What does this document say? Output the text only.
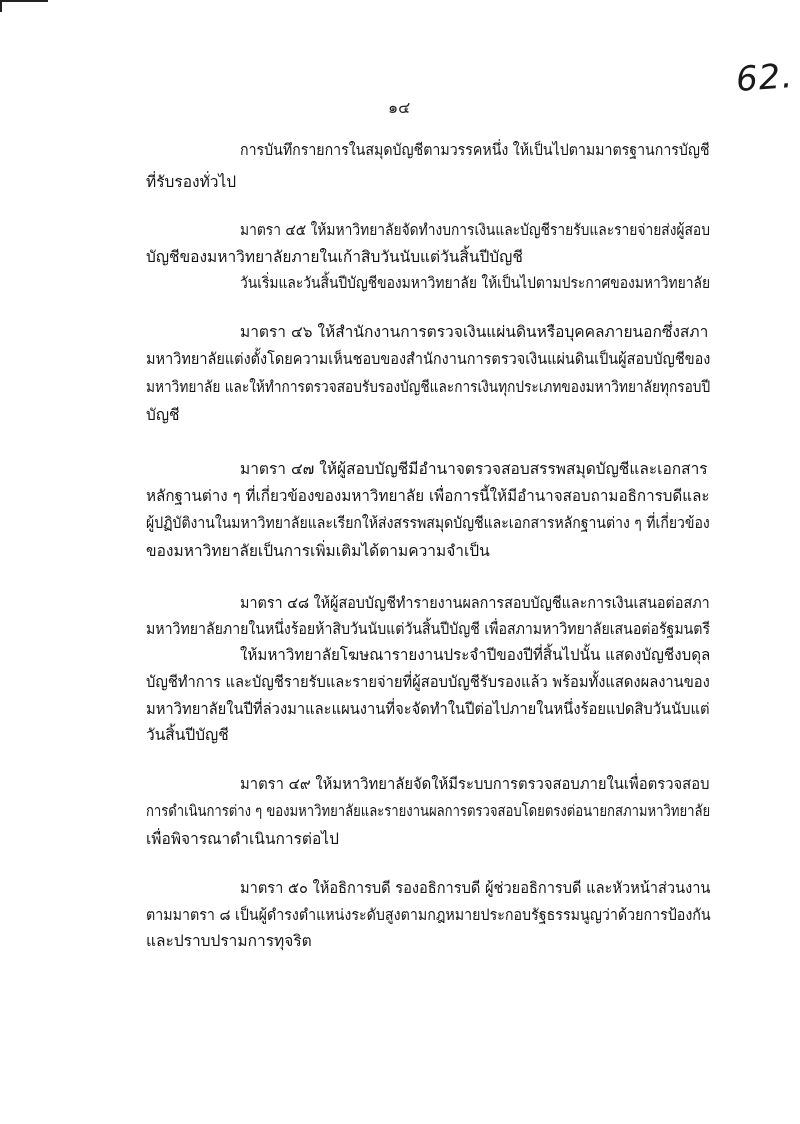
62.
๑๔
การบันทึกรายการในสมุดบัญชีตามวรรคหนึ่ง ให้เป็นไปตามมาตรฐานการบัญชี
ที่รับรองทั่วไป
มาตรา ๔๕ ให้มหาวิทยาลัยจัดทำงบการเงินและบัญชีรายรับและรายจ่ายส่งผู้สอบ
บัญชีของมหาวิทยาลัยภายในเก้าสิบวันนับแต่วันสิ้นปีบัญชี
วันเริ่มและวันสิ้นปีบัญชีของมหาวิทยาลัย ให้เป็นไปตามประกาศของมหาวิทยาลัย
มาตรา ๔๖ ให้สำนักงานการตรวจเงินแผ่นดินหรือบุคคลภายนอกซึ่งสภา
มหาวิทยาลัยแต่งตั้งโดยความเห็นชอบของสำนักงานการตรวจเงินแผ่นดินเป็นผู้สอบบัญชีของ
มหาวิทยาลัย และให้ทำการตรวจสอบรับรองบัญชีและการเงินทุกประเภทของมหาวิทยาลัยทุกรอบปี
บัญชี
มาตรา ๔๗ ให้ผู้สอบบัญชีมีอำนาจตรวจสอบสรรพสมุดบัญชีและเอกสาร
หลักฐานต่าง ๆ ที่เกี่ยวข้องของมหาวิทยาลัย เพื่อการนี้ให้มีอำนาจสอบถามอธิการบดีและ
ผู้ปฏิบัติงานในมหาวิทยาลัยและเรียกให้ส่งสรรพสมุดบัญชีและเอกสารหลักฐานต่าง ๆ ที่เกี่ยวข้อง
ของมหาวิทยาลัยเป็นการเพิ่มเติมได้ตามความจำเป็น
มาตรา ๔๘ ให้ผู้สอบบัญชีทำรายงานผลการสอบบัญชีและการเงินเสนอต่อสภา
มหาวิทยาลัยภายในหนึ่งร้อยห้าสิบวันนับแต่วันสิ้นปีบัญชี เพื่อสภามหาวิทยาลัยเสนอต่อรัฐมนตรี
ให้มหาวิทยาลัยโฆษณารายงานประจำปีของปีที่สิ้นไปนั้น แสดงบัญชีงบดุล
บัญชีทำการ และบัญชีรายรับและรายจ่ายที่ผู้สอบบัญชีรับรองแล้ว พร้อมทั้งแสดงผลงานของ
มหาวิทยาลัยในปีที่ล่วงมาและแผนงานที่จะจัดทำในปีต่อไปภายในหนึ่งร้อยแปดสิบวันนับแต่
วันสิ้นปีบัญชี
มาตรา ๔๙ ให้มหาวิทยาลัยจัดให้มีระบบการตรวจสอบภายในเพื่อตรวจสอบ
การดำเนินการต่าง ๆ ของมหาวิทยาลัยและรายงานผลการตรวจสอบโดยตรงต่อนายกสภามหาวิทยาลัย
เพื่อพิจารณาดำเนินการต่อไป
มาตรา ๕๐ ให้อธิการบดี รองอธิการบดี ผู้ช่วยอธิการบดี และหัวหน้าส่วนงาน
ตามมาตรา ๘ เป็นผู้ดำรงตำแหน่งระดับสูงตามกฎหมายประกอบรัฐธรรมนูญว่าด้วยการป้องกัน
และปราบปรามการทุจริต
